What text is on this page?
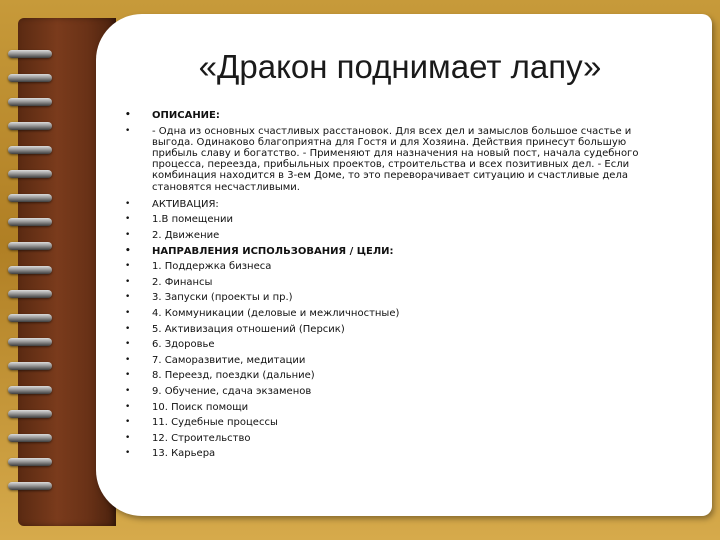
«Дракон поднимает лапу»
• ОПИСАНИЕ:
• - Одна из основных счастливых расстановок. Для всех дел и замыслов большое счастье и выгода. Одинаково благоприятна для Гостя и для Хозяина. Действия принесут большую прибыль славу и богатство. - Применяют для назначения на новый пост, начала судебного процесса, переезда, прибыльных проектов, строительства и всех позитивных дел. - Если комбинация находится в 3-ем Доме, то это переворачивает ситуацию и счастливые дела становятся несчастливыми.
• АКТИВАЦИЯ:
• 1.В помещении
• 2. Движение
• НАПРАВЛЕНИЯ ИСПОЛЬЗОВАНИЯ / ЦЕЛИ:
• 1. Поддержка бизнеса
• 2. Финансы
• 3. Запуски (проекты и пр.)
• 4. Коммуникации (деловые и межличностные)
• 5. Активизация отношений (Персик)
• 6. Здоровье
• 7. Саморазвитие, медитации
• 8. Переезд, поездки (дальние)
• 9. Обучение, сдача экзаменов
• 10. Поиск помощи
• 11. Судебные процессы
• 12. Строительство
• 13. Карьера
